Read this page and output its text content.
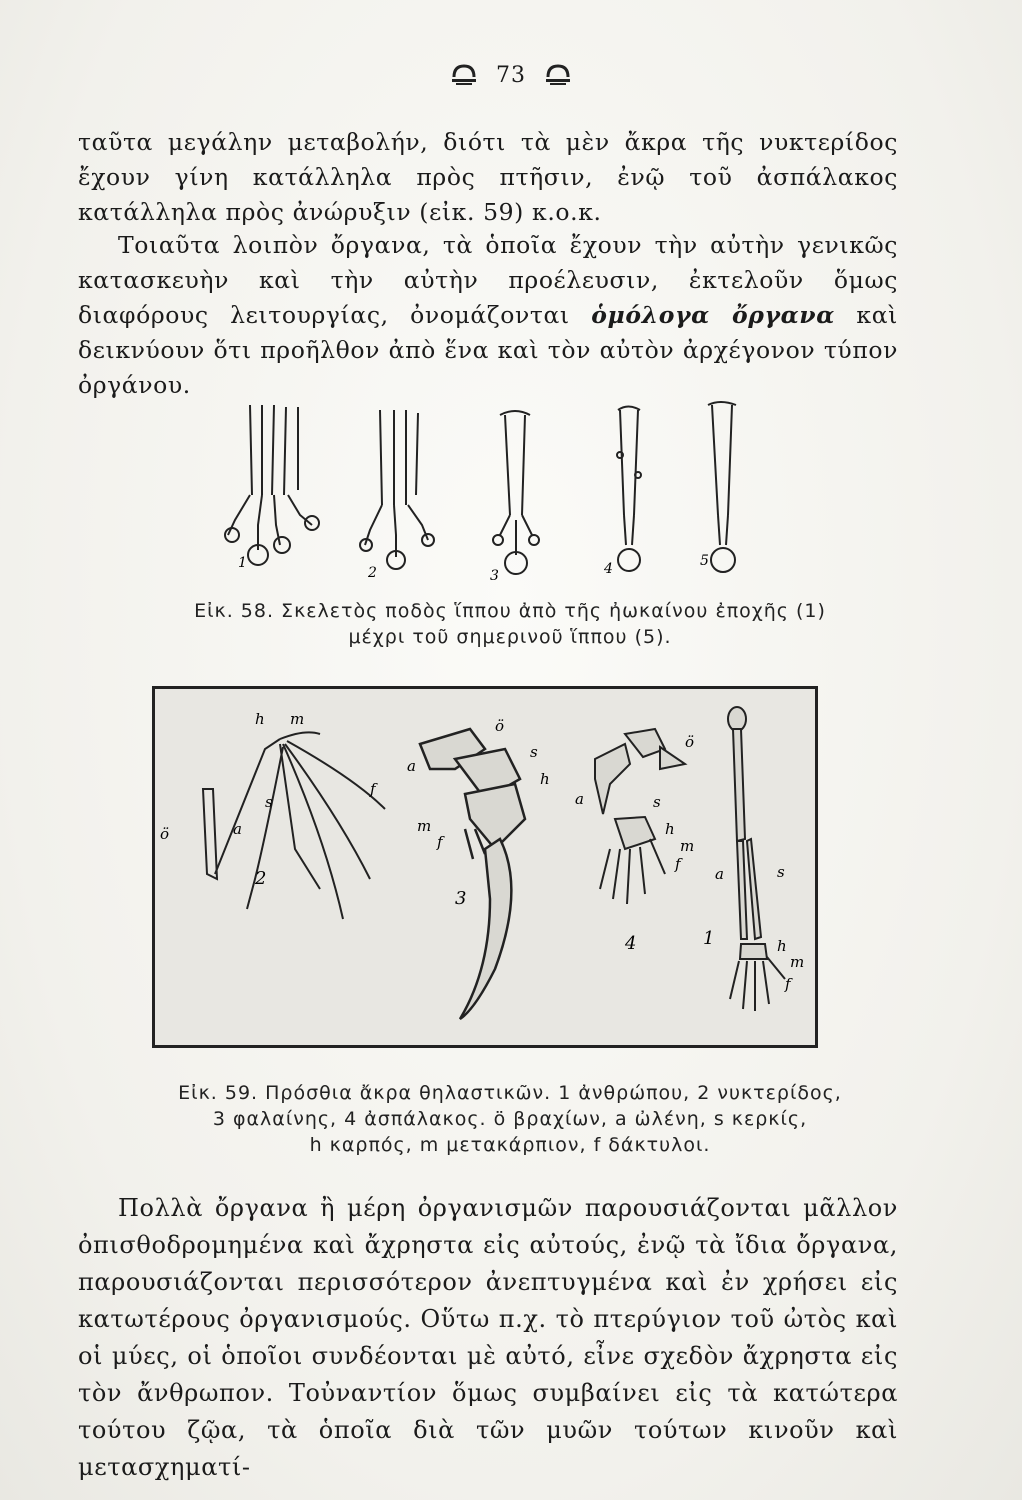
73
ταῦτα μεγάλην μεταβολήν, διότι τὰ μὲν ἄκρα τῆς νυκτερίδος ἔχουν γίνη κατάλληλα πρὸς πτῆσιν, ἐνῷ τοῦ ἀσπάλακος κατάλληλα πρὸς ἀνώρυξιν (εἰκ. 59) κ.ο.κ.
Τοιαῦτα λοιπὸν ὄργανα, τὰ ὁποῖα ἔχουν τὴν αὐτὴν γενικῶς κατασκευὴν καὶ τὴν αὐτὴν προέλευσιν, ἐκτελοῦν ὅμως διαφόρους λειτουργίας, ὀνομάζονται ὁμόλογα ὄργανα καὶ δεικνύουν ὅτι προῆλθον ἀπὸ ἕνα καὶ τὸν αὐτὸν ἀρχέγονον τύπον ὀργάνου.
1
2	3	4	5
Εἰκ. 58. Σκελετὸς ποδὸς ἵππου ἀπὸ τῆς ἠωκαίνου ἐποχῆς (1)
μέχρι τοῦ σημερινοῦ ἵππου (5).
h m
f
s
ö	a
2
ö
s
a
h
m
f
3
ö
a	s
h
m
f
4
a	s
h
m
f
1
Εἰκ. 59. Πρόσθια ἄκρα θηλαστικῶν. 1 ἀνθρώπου, 2 νυκτερίδος,
3 φαλαίνης, 4 ἀσπάλακος. ö βραχίων, a ὠλένη, s κερκίς,
h καρπός, m μετακάρπιον, f δάκτυλοι.
Πολλὰ ὄργανα ἢ μέρη ὀργανισμῶν παρουσιάζονται μᾶλλον ὀπισθοδρομημένα καὶ ἄχρηστα εἰς αὐτούς, ἐνῷ τὰ ἴδια ὄργανα, παρουσιάζονται περισσότερον ἀνεπτυγμένα καὶ ἐν χρήσει εἰς κατωτέρους ὀργανισμούς. Οὕτω π.χ. τὸ πτερύγιον τοῦ ὠτὸς καὶ οἱ μύες, οἱ ὁποῖοι συνδέονται μὲ αὐτό, εἶνε σχεδὸν ἄχρηστα εἰς τὸν ἄνθρωπον. Τοὐναντίον ὅμως συμβαίνει εἰς τὰ κατώτερα τούτου ζῷα, τὰ ὁποῖα διὰ τῶν μυῶν τούτων κινοῦν καὶ μετασχηματί-
